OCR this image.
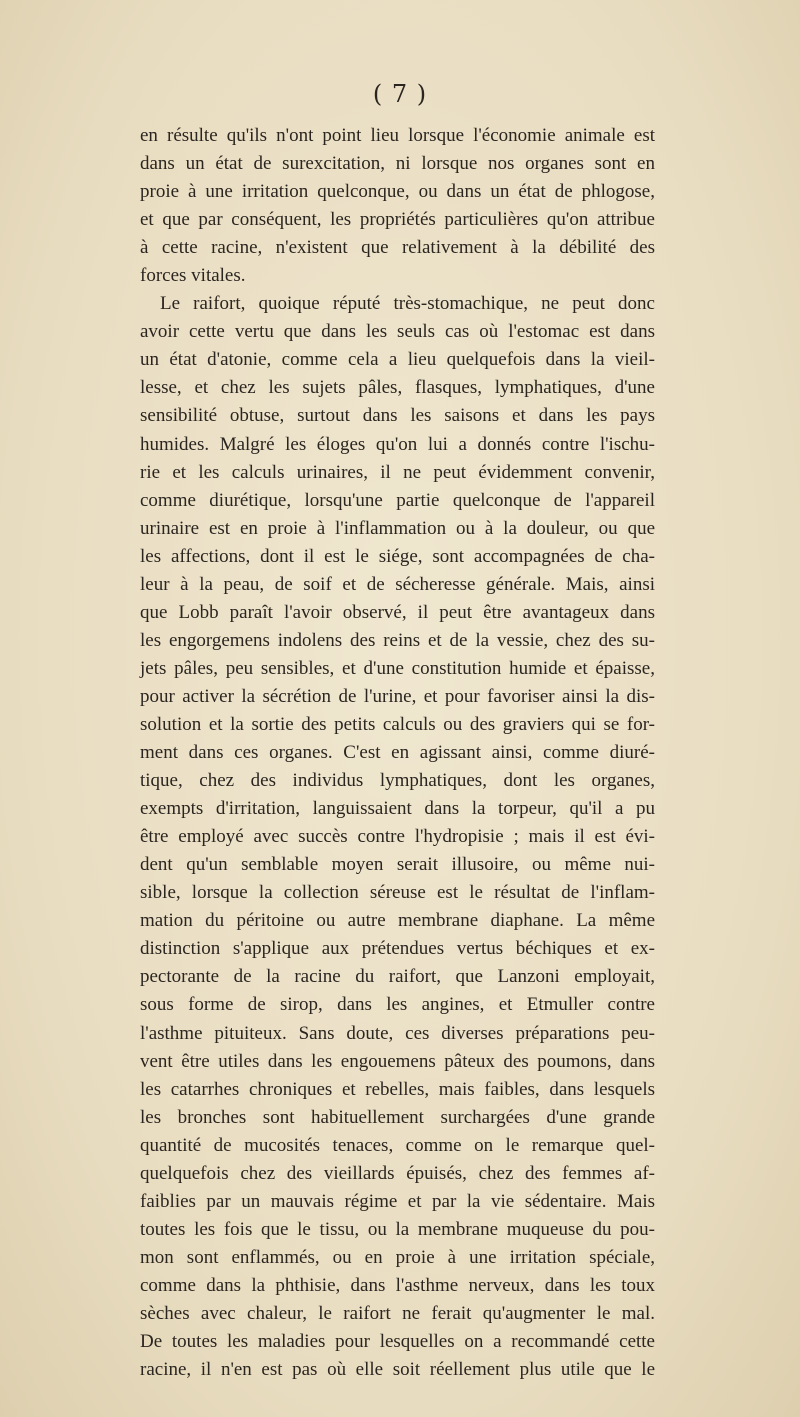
( 7 )
en résulte qu'ils n'ont point lieu lorsque l'économie animale est
dans un état de surexcitation, ni lorsque nos organes sont en
proie à une irritation quelconque, ou dans un état de phlogose,
et que par conséquent, les propriétés particulières qu'on attribue
à cette racine, n'existent que relativement à la débilité des
forces vitales.
Le raifort, quoique réputé très-stomachique, ne peut donc
avoir cette vertu que dans les seuls cas où l'estomac est dans
un état d'atonie, comme cela a lieu quelquefois dans la vieil-
lesse, et chez les sujets pâles, flasques, lymphatiques, d'une
sensibilité obtuse, surtout dans les saisons et dans les pays
humides. Malgré les éloges qu'on lui a donnés contre l'ischu-
rie et les calculs urinaires, il ne peut évidemment convenir,
comme diurétique, lorsqu'une partie quelconque de l'appareil
urinaire est en proie à l'inflammation ou à la douleur, ou que
les affections, dont il est le siége, sont accompagnées de cha-
leur à la peau, de soif et de sécheresse générale. Mais, ainsi
que Lobb paraît l'avoir observé, il peut être avantageux dans
les engorgemens indolens des reins et de la vessie, chez des su-
jets pâles, peu sensibles, et d'une constitution humide et épaisse,
pour activer la sécrétion de l'urine, et pour favoriser ainsi la dis-
solution et la sortie des petits calculs ou des graviers qui se for-
ment dans ces organes. C'est en agissant ainsi, comme diuré-
tique, chez des individus lymphatiques, dont les organes,
exempts d'irritation, languissaient dans la torpeur, qu'il a pu
être employé avec succès contre l'hydropisie ; mais il est évi-
dent qu'un semblable moyen serait illusoire, ou même nui-
sible, lorsque la collection séreuse est le résultat de l'inflam-
mation du péritoine ou autre membrane diaphane. La même
distinction s'applique aux prétendues vertus béchiques et ex-
pectorante de la racine du raifort, que Lanzoni employait,
sous forme de sirop, dans les angines, et Etmuller contre
l'asthme pituiteux. Sans doute, ces diverses préparations peu-
vent être utiles dans les engouemens pâteux des poumons, dans
les catarrhes chroniques et rebelles, mais faibles, dans lesquels
les bronches sont habituellement surchargées d'une grande
quantité de mucosités tenaces, comme on le remarque quel-
quelquefois chez des vieillards épuisés, chez des femmes af-
faiblies par un mauvais régime et par la vie sédentaire. Mais
toutes les fois que le tissu, ou la membrane muqueuse du pou-
mon sont enflammés, ou en proie à une irritation spéciale,
comme dans la phthisie, dans l'asthme nerveux, dans les toux
sèches avec chaleur, le raifort ne ferait qu'augmenter le mal.
De toutes les maladies pour lesquelles on a recommandé cette
racine, il n'en est pas où elle soit réellement plus utile que le
